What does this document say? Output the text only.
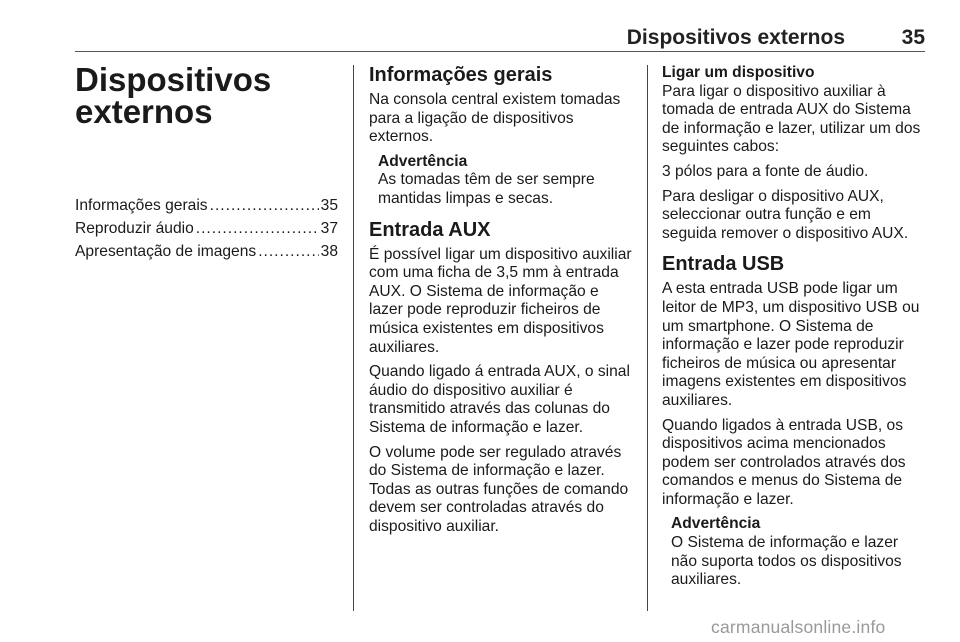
Dispositivos externos	35
Dispositivos
externos
Informações gerais .....	35
Reproduzir áudio .....	37
Apresentação de imagens .....	38
Informações gerais

Na consola central existem tomadas para a ligação de dispositivos externos.

Advertência

As tomadas têm de ser sempre mantidas limpas e secas.

Entrada AUX

É possível ligar um dispositivo auxiliar com uma ficha de 3,5 mm à entrada AUX. O Sistema de informação e lazer pode reproduzir ficheiros de música existentes em dispositivos auxiliares.

Quando ligado á entrada AUX, o sinal áudio do dispositivo auxiliar é transmitido através das colunas do Sistema de informação e lazer.

O volume pode ser regulado através do Sistema de informação e lazer. Todas as outras funções de comando devem ser controladas através do dispositivo auxiliar.

Ligar um dispositivo

Para ligar o dispositivo auxiliar à tomada de entrada AUX do Sistema de informação e lazer, utilizar um dos seguintes cabos:

3 pólos para a fonte de áudio.

Para desligar o dispositivo AUX, seleccionar outra função e em seguida remover o dispositivo AUX.

Entrada USB

A esta entrada USB pode ligar um leitor de MP3, um dispositivo USB ou um smartphone. O Sistema de informação e lazer pode reproduzir ficheiros de música ou apresentar imagens existentes em dispositivos auxiliares.

Quando ligados à entrada USB, os dispositivos acima mencionados podem ser controlados através dos comandos e menus do Sistema de informação e lazer.

Advertência

O Sistema de informação e lazer não suporta todos os dispositivos auxiliares.

carmanualsonline.info
